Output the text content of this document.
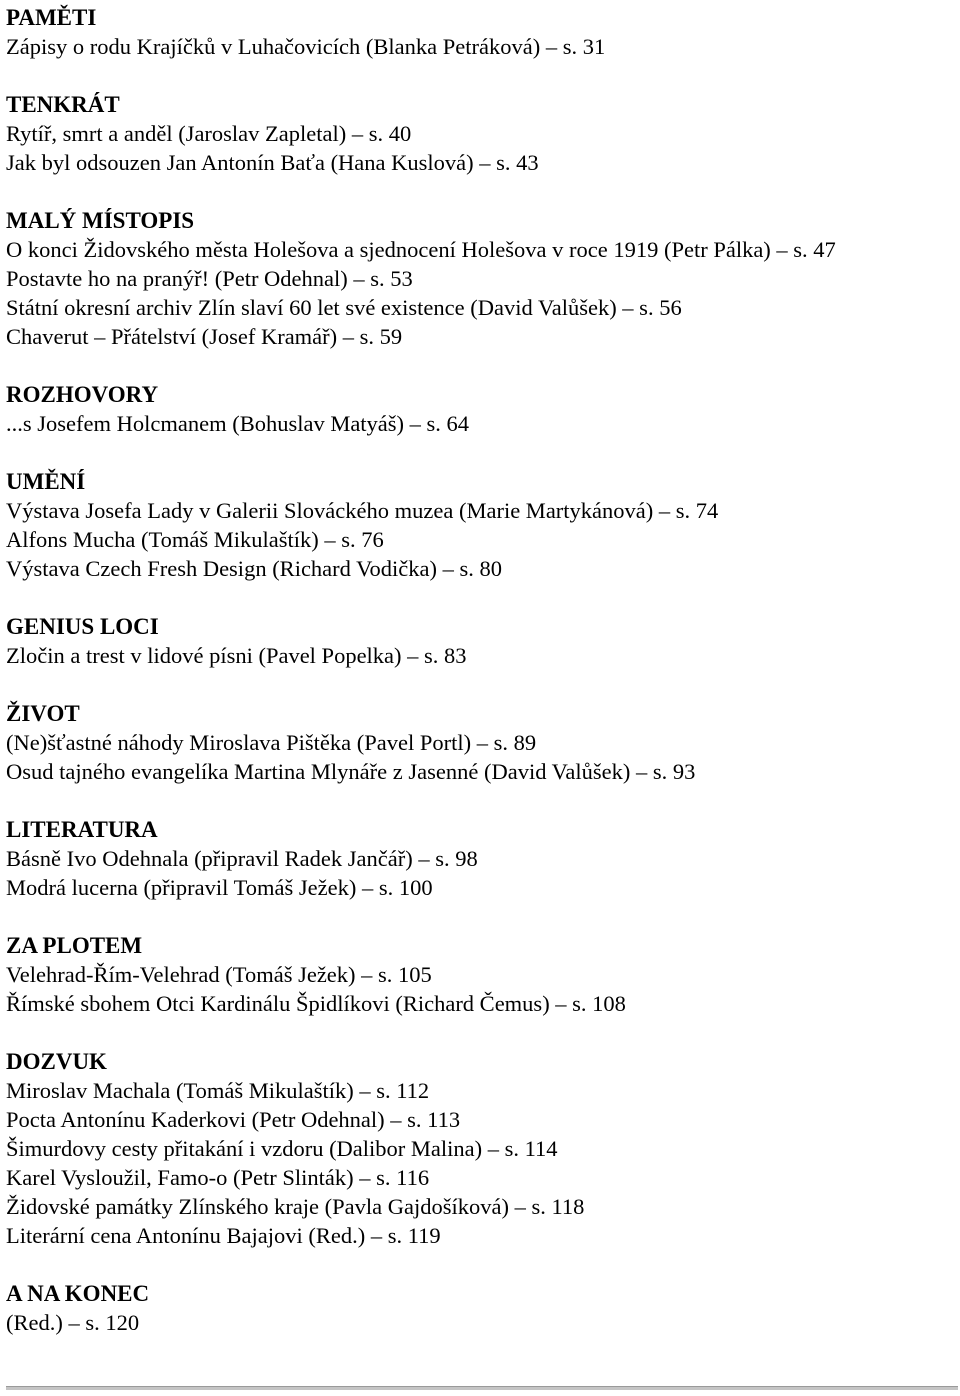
PAMĚTI
Zápisy o rodu Krajíčků v Luhačovicích (Blanka Petráková) – s. 31
TENKRÁT
Rytíř, smrt a anděl (Jaroslav Zapletal) – s. 40
Jak byl odsouzen Jan Antonín Baťa (Hana Kuslová) – s. 43
MALÝ MÍSTOPIS
O konci Židovského města Holešova a sjednocení Holešova v roce 1919 (Petr Pálka) – s. 47
Postavte ho na pranýř! (Petr Odehnal) – s. 53
Státní okresní archiv Zlín slaví 60 let své existence (David Valůšek) – s. 56
Chaverut – Přátelství (Josef Kramář) – s. 59
ROZHOVORY
...s Josefem Holcmanem (Bohuslav Matyáš) – s. 64
UMĚNÍ
Výstava Josefa Lady v Galerii Slováckého muzea (Marie Martykánová) – s. 74
Alfons Mucha (Tomáš Mikulaštík) – s. 76
Výstava Czech Fresh Design (Richard Vodička) – s. 80
GENIUS LOCI
Zločin a trest v lidové písni (Pavel Popelka) – s. 83
ŽIVOT
(Ne)šťastné náhody Miroslava Pištěka (Pavel Portl) – s. 89
Osud tajného evangelíka Martina Mlynáře z Jasenné (David Valůšek) – s. 93
LITERATURA
Básně Ivo Odehnala (připravil Radek Jančář) – s. 98
Modrá lucerna (připravil Tomáš Ježek) – s. 100
ZA PLOTEM
Velehrad-Řím-Velehrad (Tomáš Ježek) – s. 105
Římské sbohem Otci Kardinálu Špidlíkovi (Richard Čemus) – s. 108
DOZVUK
Miroslav Machala (Tomáš Mikulaštík) – s. 112
Pocta Antonínu Kaderkovi (Petr Odehnal) – s. 113
Šimurdovy cesty přitakání i vzdoru (Dalibor Malina) – s. 114
Karel Vysloužil, Famo-o (Petr Slinták) – s. 116
Židovské památky Zlínského kraje (Pavla Gajdošíková) – s. 118
Literární cena Antonínu Bajajovi (Red.) – s. 119
A NA KONEC
(Red.) – s. 120
